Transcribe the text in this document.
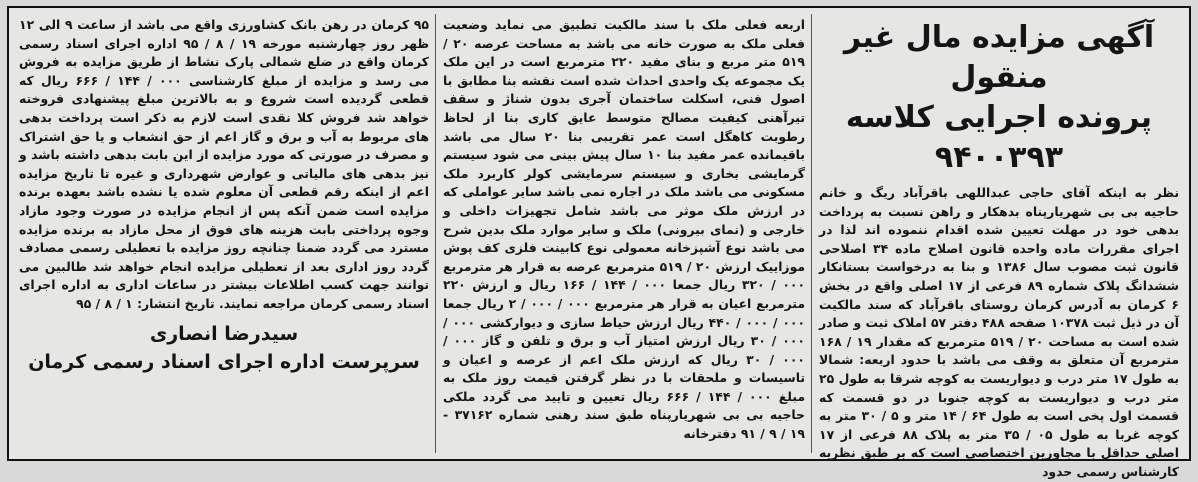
آگهی مزایده مال غیر منقول
پرونده اجرایی کلاسه ۹۴۰۰۳۹۳

نظر به اینکه آقای حاجی عبداللهی باقرآباد ریگ و خانم حاجیه بی بی شهریارپناه بدهکار و راهن نسبت به پرداخت بدهی خود در مهلت تعیین شده اقدام ننموده اند لذا در اجرای مقررات ماده واحده قانون اصلاح ماده ۳۴ اصلاحی قانون ثبت مصوب سال ۱۳۸۶ و بنا به درخواست بستانکار ششدانگ پلاک شماره ۸۹ فرعی از ۱۷ اصلی واقع در بخش ۶ کرمان به آدرس کرمان روستای باقرآباد که سند مالکیت آن در ذیل ثبت ۱۰۳۷۸ صفحه ۴۸۸ دفتر ۵۷ املاک ثبت و صادر شده است به مساحت ۲۰ / ۵۱۹ مترمربع که مقدار ۱۹ / ۱۶۸ مترمربع آن متعلق به وقف می باشد با حدود اربعه: شمالا به طول ۱۷ متر درب و دیواریست به کوچه شرقا به طول ۲۵ متر درب و دیواریست به کوچه جنوبا در دو قسمت که قسمت اول پخی است به طول ۶۴ / ۱۴ متر و ۵ / ۳۰ متر به کوچه غربا به طول ۰۵ / ۳۵ متر به پلاک ۸۸ فرعی از ۱۷ اصلی حداقل با مجاورین اختصاصی است که بر طبق نظریه کارشناس رسمی حدود

اربعه فعلی ملک با سند مالکیت تطبیق می نماید وضعیت فعلی ملک به صورت خانه می باشد به مساحت عرصه ۲۰ / ۵۱۹ متر مربع و بنای مفید ۲۲۰ مترمربع است در این ملک یک مجموعه یک واحدی احداث شده است نقشه بنا مطابق با اصول فنی، اسکلت ساختمان آجری بدون شناژ و سقف تیرآهنی کیفیت مصالح متوسط عایق کاری بنا از لحاظ رطوبت کاهگل است عمر تقریبی بنا ۲۰ سال می باشد باقیمانده عمر مفید بنا ۱۰ سال پیش بینی می شود سیستم گرمایشی بخاری و سیستم سرمایشی کولر کاربرد ملک مسکونی می باشد ملک در اجاره نمی باشد سایر عواملی که در ارزش ملک موثر می باشد شامل تجهیزات داخلی و خارجی و (نمای بیرونی) ملک و سایر موارد ملک بدین شرح می باشد نوع آشپزخانه معمولی نوع کابینت فلزی کف پوش موزاییک ارزش ۲۰ / ۵۱۹ مترمربع عرصه به قرار هر مترمربع ۰۰۰ / ۳۲۰ ریال جمعا ۰۰۰ / ۱۴۴ / ۱۶۶ ریال و ارزش ۲۲۰ مترمربع اعیان به قرار هر مترمربع ۰۰۰ / ۰۰۰ / ۲ ریال جمعا ۰۰۰ / ۰۰۰ / ۴۴۰ ریال ارزش حیاط سازی و دیوارکشی ۰۰۰ / ۰۰۰ / ۳۰ ریال ارزش امتیاز آب و برق و تلفن و گاز ۰۰۰ / ۰۰۰ / ۳۰ ریال که ارزش ملک اعم از عرصه و اعیان و تاسیسات و ملحقات با در نظر گرفتن قیمت روز ملک به مبلغ ۰۰۰ / ۱۴۴ / ۶۶۶ ریال تعیین و تایید می گردد ملکی حاجیه بی بی شهریارپناه طبق سند رهنی شماره ۳۷۱۶۲ - ۱۹ / ۹ / ۹۱ دفترخانه

۹۵ کرمان در رهن بانک کشاورزی واقع می باشد از ساعت ۹ الی ۱۲ ظهر روز چهارشنبه مورخه ۱۹ / ۸ / ۹۵ اداره اجرای اسناد رسمی کرمان واقع در ضلع شمالی پارک نشاط از طریق مزایده به فروش می رسد و مزایده از مبلغ کارشناسی ۰۰۰ / ۱۴۴ / ۶۶۶ ریال که قطعی گردیده است شروع و به بالاترین مبلغ پیشنهادی فروخته خواهد شد فروش کلا نقدی است لازم به ذکر است پرداخت بدهی های مربوط به آب و برق و گاز اعم از حق انشعاب و یا حق اشتراک و مصرف در صورتی که مورد مزایده از این بابت بدهی داشته باشد و نیز بدهی های مالیاتی و عوارض شهرداری و غیره تا تاریخ مزایده اعم از اینکه رقم قطعی آن معلوم شده یا نشده باشد بعهده برنده مزایده است ضمن آنکه پس از انجام مزایده در صورت وجود مازاد وجوه پرداختی بابت هزینه های فوق از محل مازاد به برنده مزایده مسترد می گردد ضمنا چنانچه روز مزایده با تعطیلی رسمی مصادف گردد روز اداری بعد از تعطیلی مزایده انجام خواهد شد طالبین می توانند جهت کسب اطلاعات بیشتر در ساعات اداری به اداره اجرای اسناد رسمی کرمان مراجعه نمایند. تاریخ انتشار: ۱ / ۸ / ۹۵

سیدرضا انصاری
سرپرست اداره اجرای اسناد رسمی کرمان
